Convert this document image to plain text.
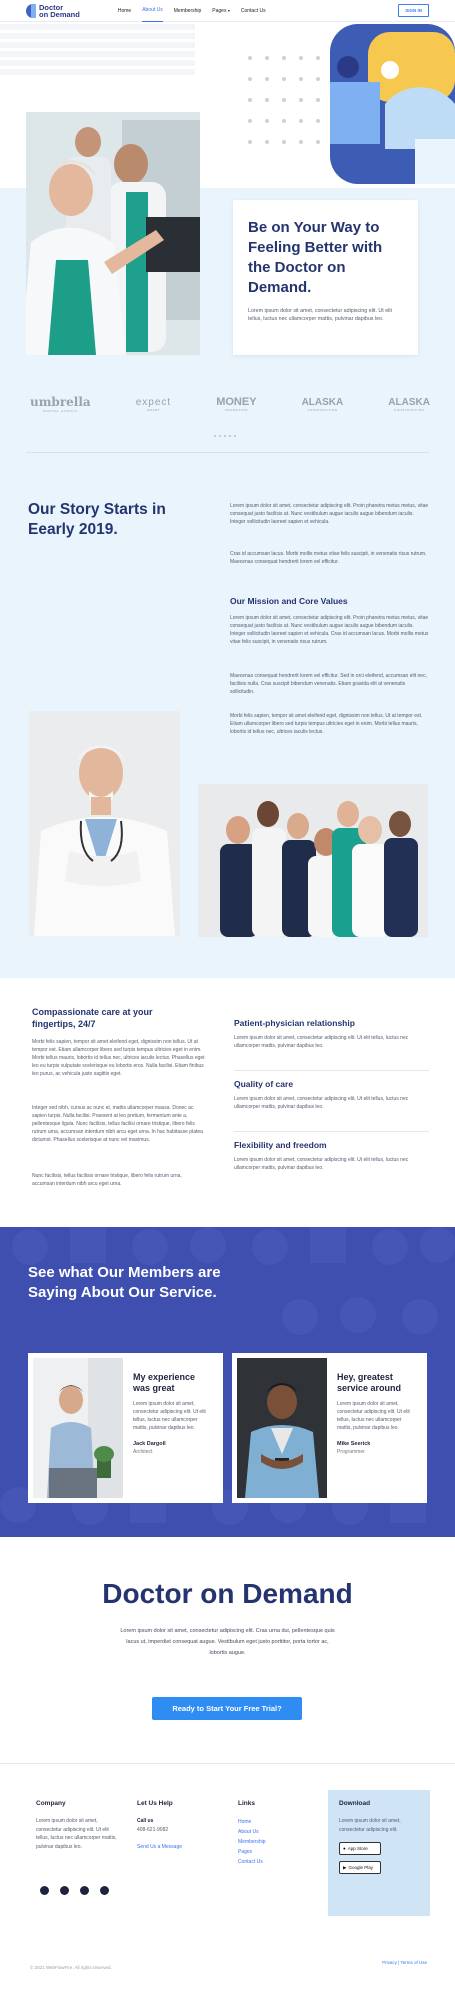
Doctor
on Demand	Home About Us Membership Pages ▾ Contact Us	SIGN IN
Be on Your Way to Feeling Better with the Doctor on Demand.
Lorem ipsum dolor sit amet, consectetur adipiscing elit. Ut elit tellus, luctus nec ullamcorper mattis, pulvinar dapibus leo.
umbrella
DIGITAL AGENCY
expect
SMART
MONEY
PROMOTION
ALASKA
CONSTRUCTION
ALASKA
CONSTRUCTION
Our Story Starts in Eearly 2019.
Lorem ipsum dolor sit amet, consectetur adipiscing elit. Proin pharetra metus metus, vitae consequat justo facilisis at. Nunc vestibulum augue iaculis augue bibendum iaculis. Integer sollicitudin laoreet sapien et vehicula.
Cras id accumsan lacus. Morbi mollis metus vitae felis suscipit, in venenatis risus rutrum. Maecenas consequat hendrerit lorem vel efficitur.
Our Mission and Core Values
Lorem ipsum dolor sit amet, consectetur adipiscing elit. Proin pharetra metus metus, vitae consequat justo facilisis at. Nunc vestibulum augue iaculis augue bibendum iaculis. Integer sollicitudin laoreet sapien et vehicula. Cras id accumsan lacus. Morbi mollis metus vitae felis suscipit, in venenatis risus rutrum.
Maecenas consequat hendrerit lorem vel efficitur. Sed in orci eleifend, accumsan elit nec, facilisis nulla. Cras suscipit bibendum venenatis. Etiam gravida elit at venenatis sollicitudin.
Morbi felis sapien, tempor sit amet eleifend eget, dignissim non tellus. Ut at tempor est. Etiam ullamcorper libero sed turpis tempus ultricies eget in enim. Morbi tellus mauris, lobortis id tellus nec, ultrices iaculis lectus.
Compassionate care at your fingertips, 24/7
Morbi felis sapien, tempor sit amet eleifend eget, dignissim non tellus. Ut at tempor est. Etiam ullamcorper libero sed turpis tempus ultricies eget in enim. Morbi tellus mauris, lobortis id tellus nec, ultrices iaculis lectus. Phasellus eget leo eu turpis vulputate scelerisque eu lobortis eros. Nulla facilisi. Etiam finibus leo purus, ac vehicula justo sagittis eget.
Integer sed nibh, cursus ac nunc et, mattis ullamcorper massa. Donec ac sapien turpis. Nulla facilisi. Praesent at leo pretium, fermentum ante a, pellentesque ligula. Nunc facilisis, tellus facilisi ornare tristique, libero felis rutrum urna, accumsan interdum nibh arcu eget urna. In hac habitasse platea dictumst. Phasellus scelerisque at nunc vel maximus.
Nunc facilisis, tellus facilisis ornare tristique, libero felis rutrum urna, accumsan interdum nibh arcu eget urna.
Patient-physician relationship
Lorem ipsum dolor sit amet, consectetur adipiscing elit. Ut elit tellus, luctus nec ullamcorper mattis, pulvinar dapibus leo.
Quality of care
Lorem ipsum dolor sit amet, consectetur adipiscing elit. Ut elit tellus, luctus nec ullamcorper mattis, pulvinar dapibus leo.
Flexibility and freedom
Lorem ipsum dolor sit amet, consectetur adipiscing elit. Ut elit tellus, luctus nec ullamcorper mattis, pulvinar dapibus leo.
See what Our Members are Saying About Our Service.
My experience was great
Lorem ipsum dolor sit amet, consectetur adipiscing elit. Ut elit tellus, luctus nec ullamcorper mattis, pulvinar dapibus leo.
Jack Dargoll
Architect
Hey, greatest service around
Lorem ipsum dolor sit amet, consectetur adipiscing elit. Ut elit tellus, luctus nec ullamcorper mattis, pulvinar dapibus leo.
Mike Seerick
Programmer
Doctor on Demand
Lorem ipsum dolor sit amet, consectetur adipiscing elit. Cras urna dui, pellentesque quis lacus ut, imperdiet consequat augue. Vestibulum eget justo porttitor, porta tortor ac, lobortis augue.
Ready to Start Your Free Trial?
Company
Lorem ipsum dolor sit amet, consectetur adipiscing elit. Ut elit tellus, luctus nec ullamcorper mattis, pulvinar dapibus leo.
Let Us Help
Call us
408-621-9082
Send Us a Message
Links
Home
About Us
Membership
Pages
Contact Us
Download
Lorem ipsum dolor sit amet, consectetur adipiscing elit.
● App Store
▶ Google Play
© 2021 WebFlowFire. All rights reserved.
Privacy | Terms of Use
